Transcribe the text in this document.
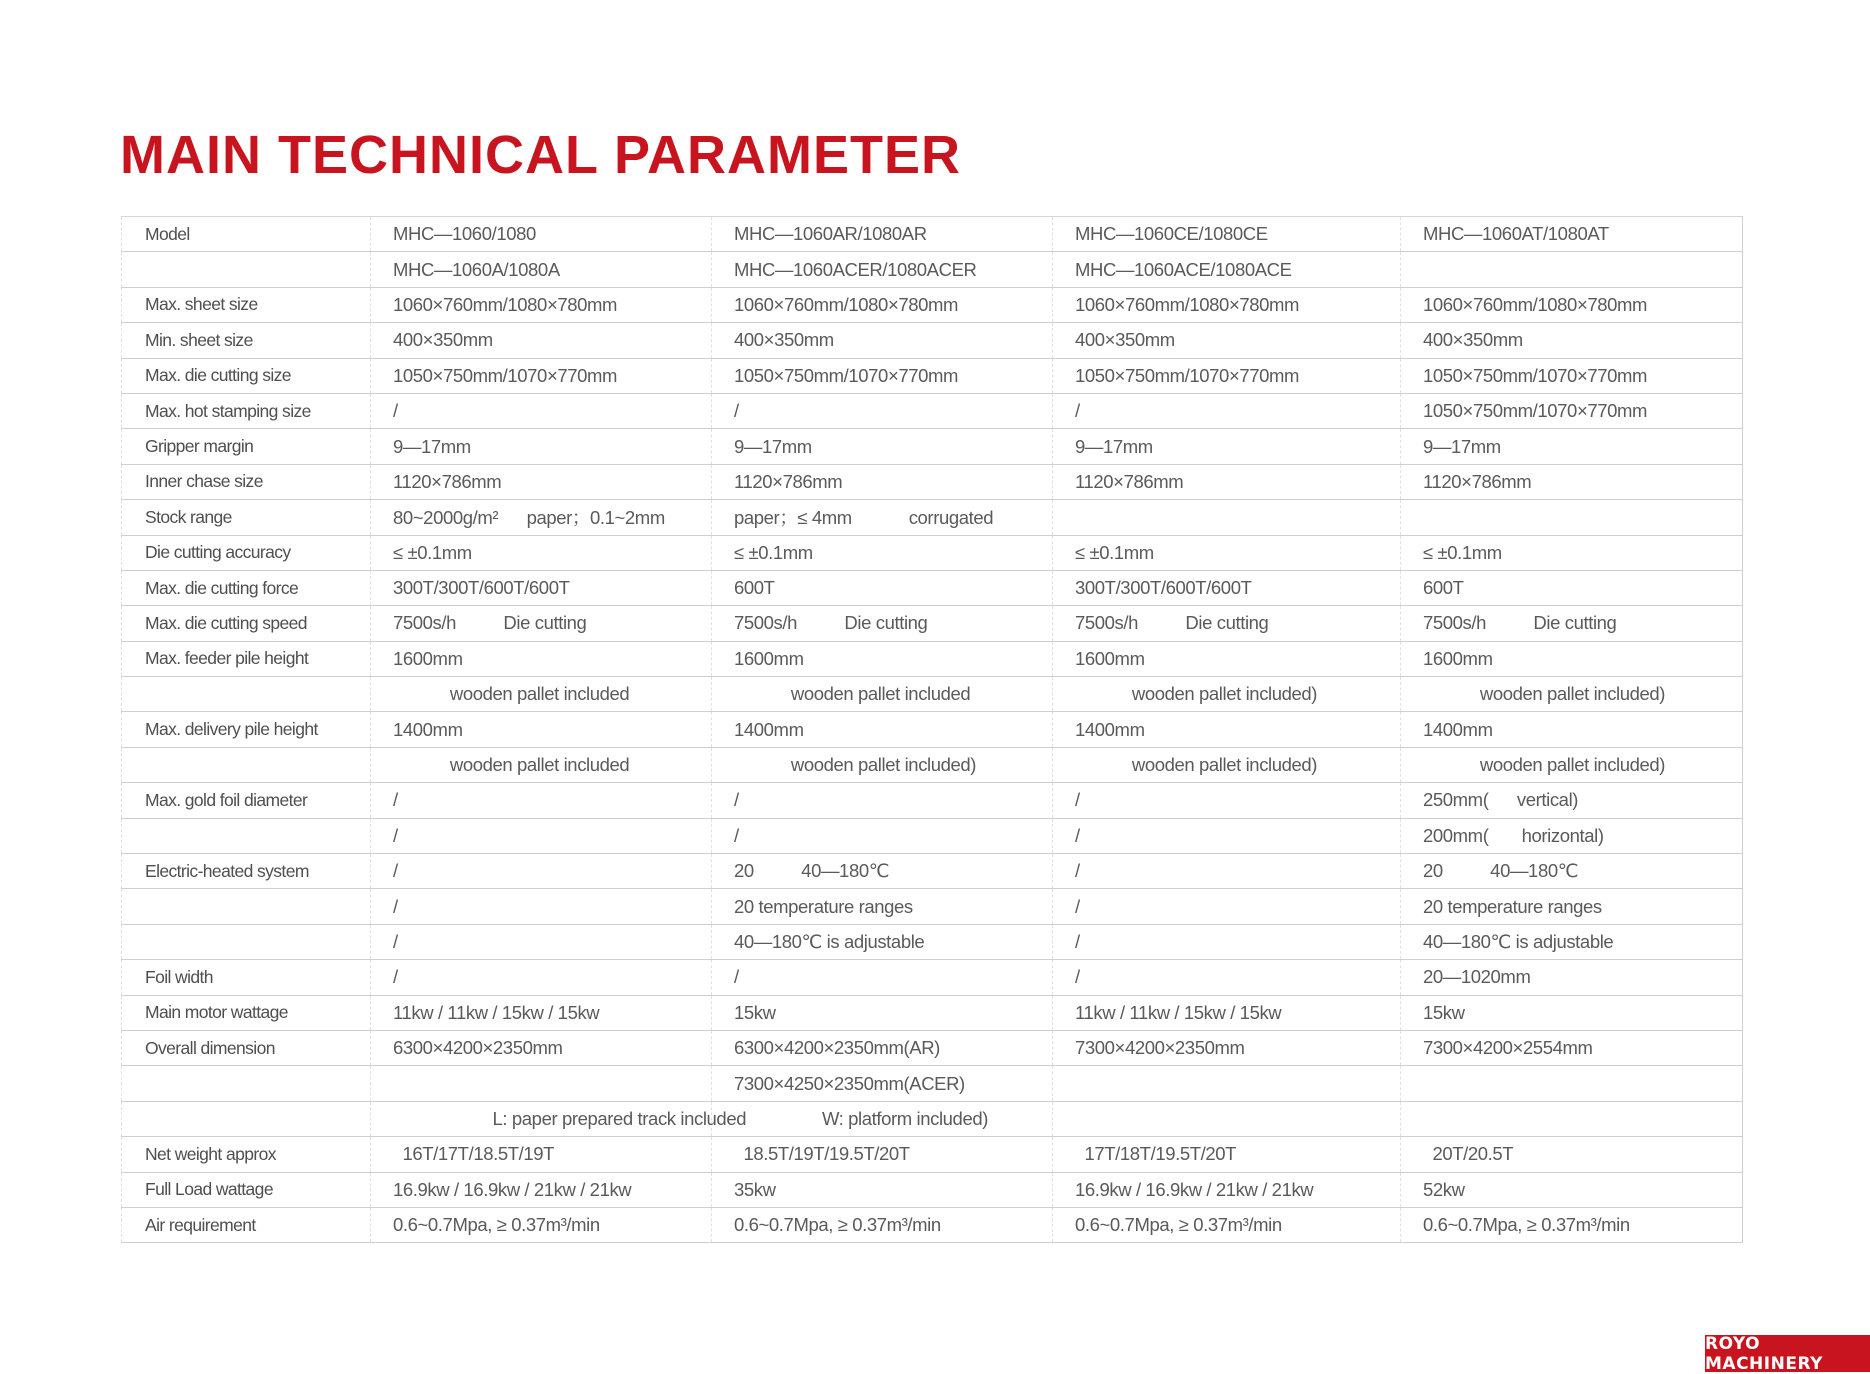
MAIN TECHNICAL PARAMETER
Model	MHC—1060/1080	MHC—1060AR/1080AR	MHC—1060CE/1080CE	MHC—1060AT/1080AT
	MHC—1060A/1080A	MHC—1060ACER/1080ACER	MHC—1060ACE/1080ACE	
Max. sheet size	1060×760mm/1080×780mm	1060×760mm/1080×780mm	1060×760mm/1080×780mm	1060×760mm/1080×780mm
Min. sheet size	400×350mm	400×350mm	400×350mm	400×350mm
Max. die cutting size	1050×750mm/1070×770mm	1050×750mm/1070×770mm	1050×750mm/1070×770mm	1050×750mm/1070×770mm
Max. hot stamping size	/	/	/	1050×750mm/1070×770mm
Gripper margin	9—17mm	9—17mm	9—17mm	9—17mm
Inner chase size	1120×786mm	1120×786mm	1120×786mm	1120×786mm
Stock range	80~2000g/m²      paper；0.1~2mm	paper；≤ 4mm            corrugated		
Die cutting accuracy	≤ ±0.1mm	≤ ±0.1mm	≤ ±0.1mm	≤ ±0.1mm
Max. die cutting force	300T/300T/600T/600T	600T	300T/300T/600T/600T	600T
Max. die cutting speed	7500s/h          Die cutting	7500s/h          Die cutting	7500s/h          Die cutting	7500s/h          Die cutting
Max. feeder pile height	1600mm	1600mm	1600mm	1600mm
	wooden pallet included	wooden pallet included	wooden pallet included)	wooden pallet included)
Max. delivery pile height	1400mm	1400mm	1400mm	1400mm
	wooden pallet included	wooden pallet included)	wooden pallet included)	wooden pallet included)
Max. gold foil diameter	/	/	/	250mm(      vertical)
	/	/	/	200mm(       horizontal)
Electric-heated system	/	20          40—180℃	/	20          40—180℃
	/	20 temperature ranges	/	20 temperature ranges
	/	40—180℃ is adjustable	/	40—180℃ is adjustable
Foil width	/	/	/	20—1020mm
Main motor wattage	11kw / 11kw / 15kw / 15kw	15kw	11kw / 11kw / 15kw / 15kw	15kw
Overall dimension	6300×4200×2350mm	6300×4200×2350mm(AR)	7300×4200×2350mm	7300×4200×2554mm
		7300×4250×2350mm(ACER)		
	L: paper prepared track included                W: platform included)			
Net weight approx	16T/17T/18.5T/19T	18.5T/19T/19.5T/20T	17T/18T/19.5T/20T	20T/20.5T
Full Load wattage	16.9kw / 16.9kw / 21kw / 21kw	35kw	16.9kw / 16.9kw / 21kw / 21kw	52kw
Air requirement	0.6~0.7Mpa, ≥ 0.37m³/min	0.6~0.7Mpa, ≥ 0.37m³/min	0.6~0.7Mpa, ≥ 0.37m³/min	0.6~0.7Mpa, ≥ 0.37m³/min
ROYO MACHINERY
